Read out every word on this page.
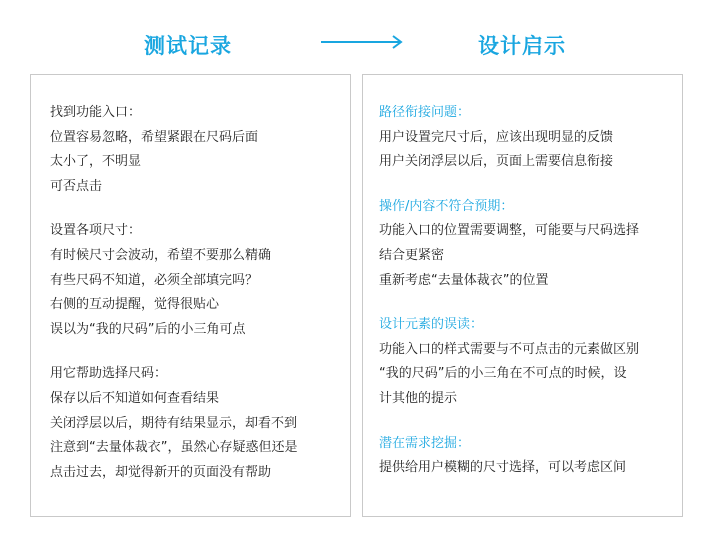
测试记录	设计启示
找到功能入口：
位置容易忽略，希望紧跟在尺码后面
太小了，不明显
可否点击
设置各项尺寸：
有时候尺寸会波动，希望不要那么精确
有些尺码不知道，必须全部填完吗？
右侧的互动提醒，觉得很贴心
误以为“我的尺码”后的小三角可点
用它帮助选择尺码：
保存以后不知道如何查看结果
关闭浮层以后，期待有结果显示，却看不到
注意到“去量体裁衣”，虽然心存疑惑但还是
点击过去，却觉得新开的页面没有帮助
路径衔接问题：
用户设置完尺寸后，应该出现明显的反馈
用户关闭浮层以后，页面上需要信息衔接
操作/内容不符合预期：
功能入口的位置需要调整，可能要与尺码选择
结合更紧密
重新考虑“去量体裁衣”的位置
设计元素的误读：
功能入口的样式需要与不可点击的元素做区别
“我的尺码”后的小三角在不可点的时候，设
计其他的提示
潜在需求挖掘：
提供给用户模糊的尺寸选择，可以考虑区间
